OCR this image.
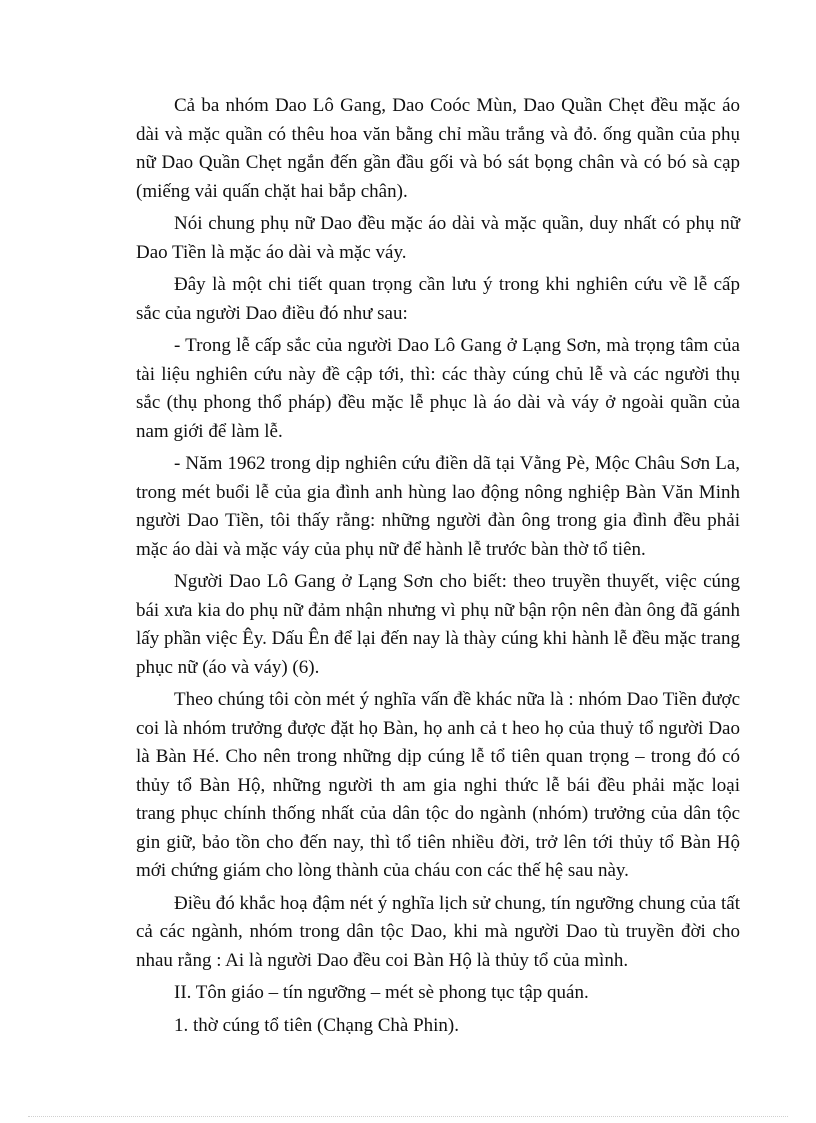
Cả ba nhóm Dao Lô Gang, Dao Coóc Mùn, Dao Quần Chẹt đều mặc áo dài và mặc quần có thêu hoa văn bằng chỉ mầu trắng và đỏ. ống quần của phụ nữ Dao Quần Chẹt ngắn đến gần đầu gối và bó sát bọng chân và có bó sà cạp (miếng vải quấn chặt hai bắp chân).

Nói chung phụ nữ Dao đều mặc áo dài và mặc quần, duy nhất có phụ nữ Dao Tiền là mặc áo dài và mặc váy.

Đây là một chi tiết quan trọng cần lưu ý trong khi nghiên cứu về lễ cấp sắc của người Dao điều đó như sau:

- Trong lễ cấp sắc của người Dao Lô Gang ở Lạng Sơn, mà trọng tâm của tài liệu nghiên cứu này đề cập tới, thì: các thày cúng chủ lễ và các người thụ sắc (thụ phong thổ pháp) đều mặc lễ phục là áo dài và váy ở ngoài quần của nam giới để làm lễ.

- Năm 1962 trong dịp nghiên cứu điền dã tại Vằng Pè, Mộc Châu Sơn La, trong mét buổi lễ của gia đình anh hùng lao động nông nghiệp Bàn Văn Minh người Dao Tiền, tôi thấy rằng: những người đàn ông trong gia đình đều phải mặc áo dài và mặc váy của phụ nữ để hành lễ trước bàn thờ tổ tiên.

Người Dao Lô Gang ở Lạng Sơn cho biết: theo truyền thuyết, việc cúng bái xưa kia do phụ nữ đảm nhận nhưng vì phụ nữ bận rộn nên đàn ông đã gánh lấy phần việc Êy. Dấu Ên để lại đến nay là thày cúng khi hành lễ đều mặc trang phục nữ (áo và váy) (6).

Theo chúng tôi còn mét ý nghĩa vấn đề khác nữa là : nhóm Dao Tiền được coi là nhóm trưởng được đặt họ Bàn, họ anh cả t heo họ của thuỷ tổ người Dao là Bàn Hé. Cho nên trong những dịp cúng lễ tổ tiên quan trọng – trong đó có thủy tổ Bàn Hộ, những người th am gia nghi thức lễ bái đều phải mặc loại trang phục chính thống nhất của dân tộc do ngành (nhóm) trưởng của dân tộc gin giữ, bảo tồn cho đến nay, thì tổ tiên nhiều đời, trở lên tới thủy tổ Bàn Hộ mới chứng giám cho lòng thành của cháu con các thế hệ sau này.

Điều đó khắc hoạ đậm nét ý nghĩa lịch sử chung, tín ngưỡng chung của tất cả các ngành, nhóm trong dân tộc Dao, khi mà người Dao tù truyền đời cho nhau rằng : Ai là người Dao đều coi Bàn Hộ là thủy tổ của mình.

II. Tôn giáo – tín ngưỡng – mét sè phong tục tập quán.

1. thờ cúng tổ tiên (Chạng Chà Phin).
